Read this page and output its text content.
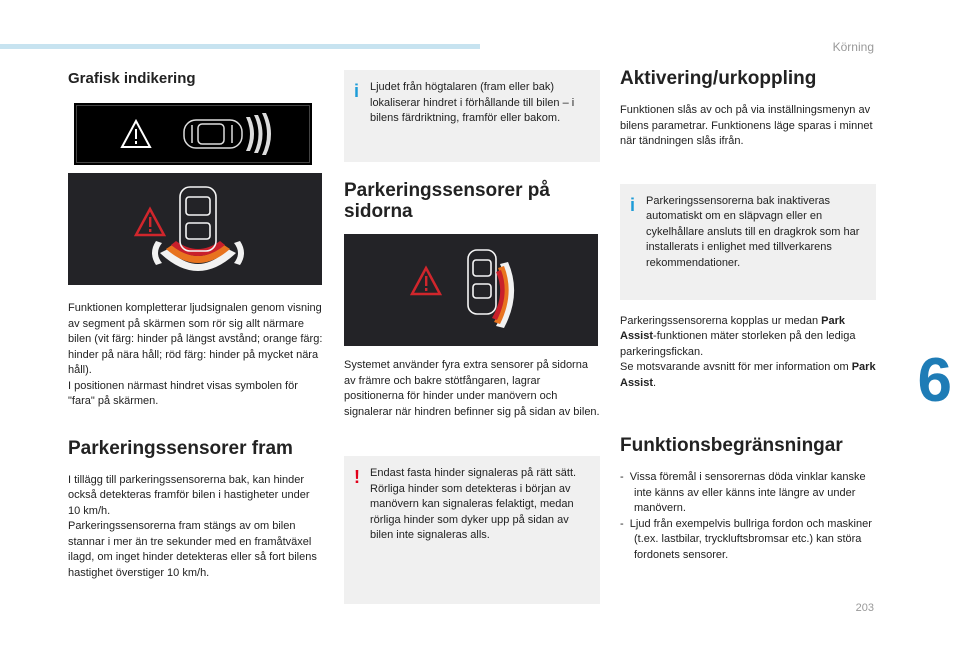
Körning
6
203
Grafisk indikering

Funktionen kompletterar ljudsignalen genom visning av segment på skärmen som rör sig allt närmare bilen (vit färg: hinder på längst avstånd; orange färg: hinder på nära håll; röd färg: hinder på mycket nära håll).

I positionen närmast hindret visas symbolen för "fara" på skärmen.

Parkeringssensorer fram

I tillägg till parkeringssensorerna bak, kan hinder också detekteras framför bilen i hastigheter under 10 km/h.

Parkeringssensorerna fram stängs av om bilen stannar i mer än tre sekunder med en framåtväxel ilagd, om inget hinder detekteras eller så fort bilens hastighet överstiger 10 km/h.

i Ljudet från högtalaren (fram eller bak) lokaliserar hindret i förhållande till bilen – i bilens färdriktning, framför eller bakom.

Parkeringssensorer på sidorna

Systemet använder fyra extra sensorer på sidorna av främre och bakre stötfångaren, lagrar positionerna för hinder under manövern och signalerar när hindren befinner sig på sidan av bilen.

! Endast fasta hinder signaleras på rätt sätt. Rörliga hinder som detekteras i början av manövern kan signaleras felaktigt, medan rörliga hinder som dyker upp på sidan av bilen inte signaleras alls.

Aktivering/urkoppling

Funktionen slås av och på via inställningsmenyn av bilens parametrar. Funktionens läge sparas i minnet när tändningen slås ifrån.

i Parkeringssensorerna bak inaktiveras automatiskt om en släpvagn eller en cykelhållare ansluts till en dragkrok som har installerats i enlighet med tillverkarens rekommendationer.

Parkeringssensorerna kopplas ur medan Park Assist-funktionen mäter storleken på den lediga parkeringsfickan.

Se motsvarande avsnitt för mer information om Park Assist.

Funktionsbegränsningar

-  Vissa föremål i sensorernas döda vinklar kanske inte känns av eller känns inte längre av under manövern.

-  Ljud från exempelvis bullriga fordon och maskiner (t.ex. lastbilar, tryckluftsbromsar etc.) kan störa fordonets sensorer.
